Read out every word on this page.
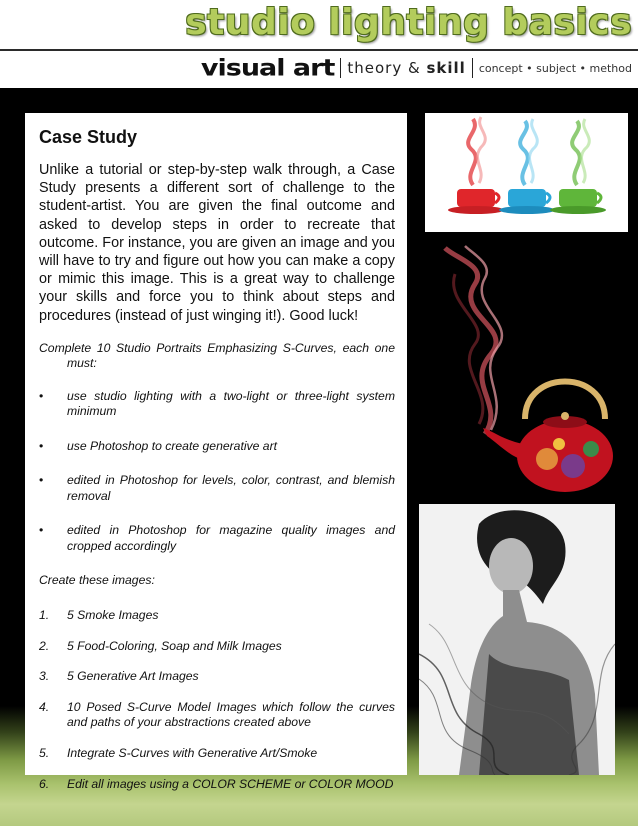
studio lighting basics
visual art theory & skill concept • subject • method
Case Study

Unlike a tutorial or step-by-step walk through, a Case Study presents a different sort of challenge to the student-artist. You are given the final outcome and asked to develop steps in order to recreate that outcome. For instance, you are given an image and you will have to try and figure out how you can make a copy or mimic this image. This is a great way to challenge your skills and force you to think about steps and procedures (instead of just winging it!). Good luck!

Complete 10 Studio Portraits Emphasizing S-Curves, each one must:

•	use studio lighting with a two-light or three-light system minimum
•	use Photoshop to create generative art
•	edited in Photoshop for levels, color, contrast, and blemish removal
•	edited in Photoshop for magazine quality images and cropped accordingly

Create these images:

1.	5 Smoke Images
2.	5 Food-Coloring, Soap and Milk Images
3.	5 Generative Art Images
4.	10 Posed S-Curve Model Images which follow the curves and paths of your abstractions created above
5.	Integrate S-Curves with Generative Art/Smoke
6.	Edit all images using a COLOR SCHEME or COLOR MOOD
